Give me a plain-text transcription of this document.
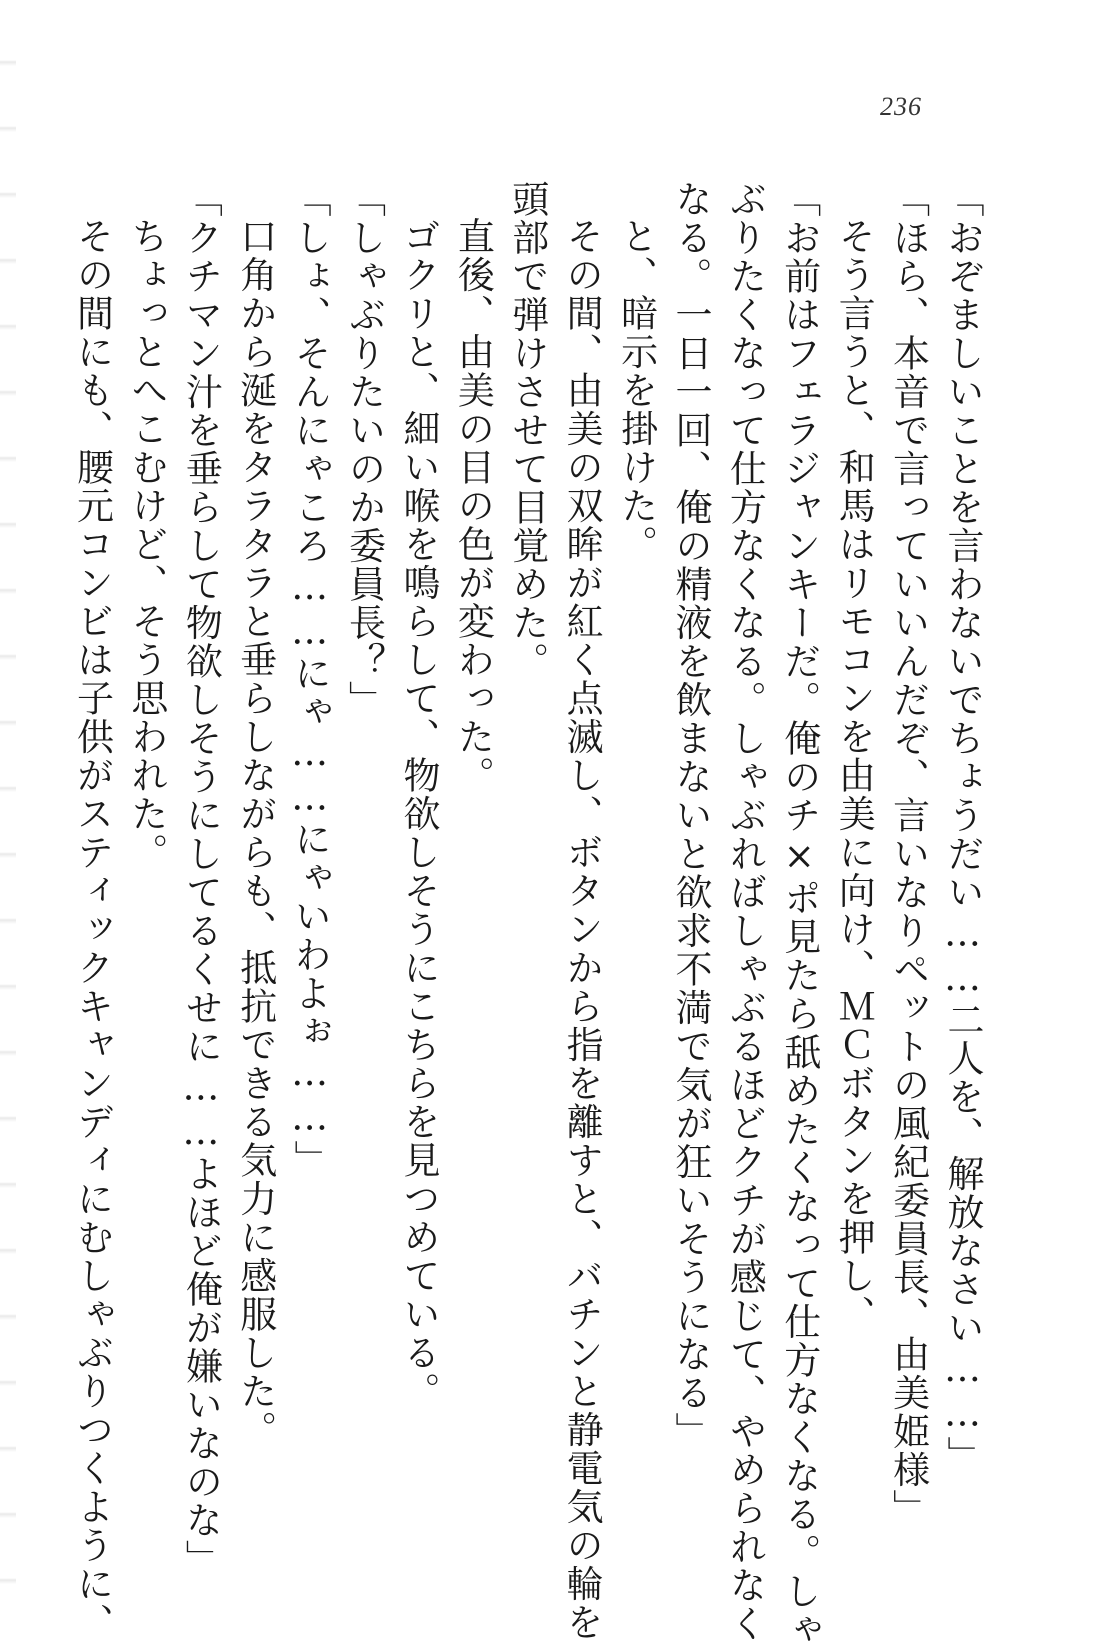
236
「おぞましいことを言わないでちょうだい……二人を、解放なさい……」
「ほら、本音で言っていいんだぞ、言いなりペットの風紀委員長、由美姫様」
そう言うと、和馬はリモコンを由美に向け、ＭＣボタンを押し、
「お前はフェラジャンキーだ。俺のチ×ポ見たら舐めたくなって仕方なくなる。しゃ
ぶりたくなって仕方なくなる。しゃぶればしゃぶるほどクチが感じて、やめられなく
なる。一日一回、俺の精液を飲まないと欲求不満で気が狂いそうになる」
と、暗示を掛けた。
その間、由美の双眸が紅く点滅し、ボタンから指を離すと、バチンと静電気の輪を
頭部で弾けさせて目覚めた。
直後、由美の目の色が変わった。
ゴクリと、細い喉を鳴らして、物欲しそうにこちらを見つめている。
「しゃぶりたいのか委員長？」
「しょ、そんにゃころ……にゃ……にゃいわよぉ……」
口角から涎をタラタラと垂らしながらも、抵抗できる気力に感服した。
「クチマン汁を垂らして物欲しそうにしてるくせに……よほど俺が嫌いなのな」
ちょっとへこむけど、そう思われた。
その間にも、腰元コンビは子供がスティックキャンディにむしゃぶりつくように、
